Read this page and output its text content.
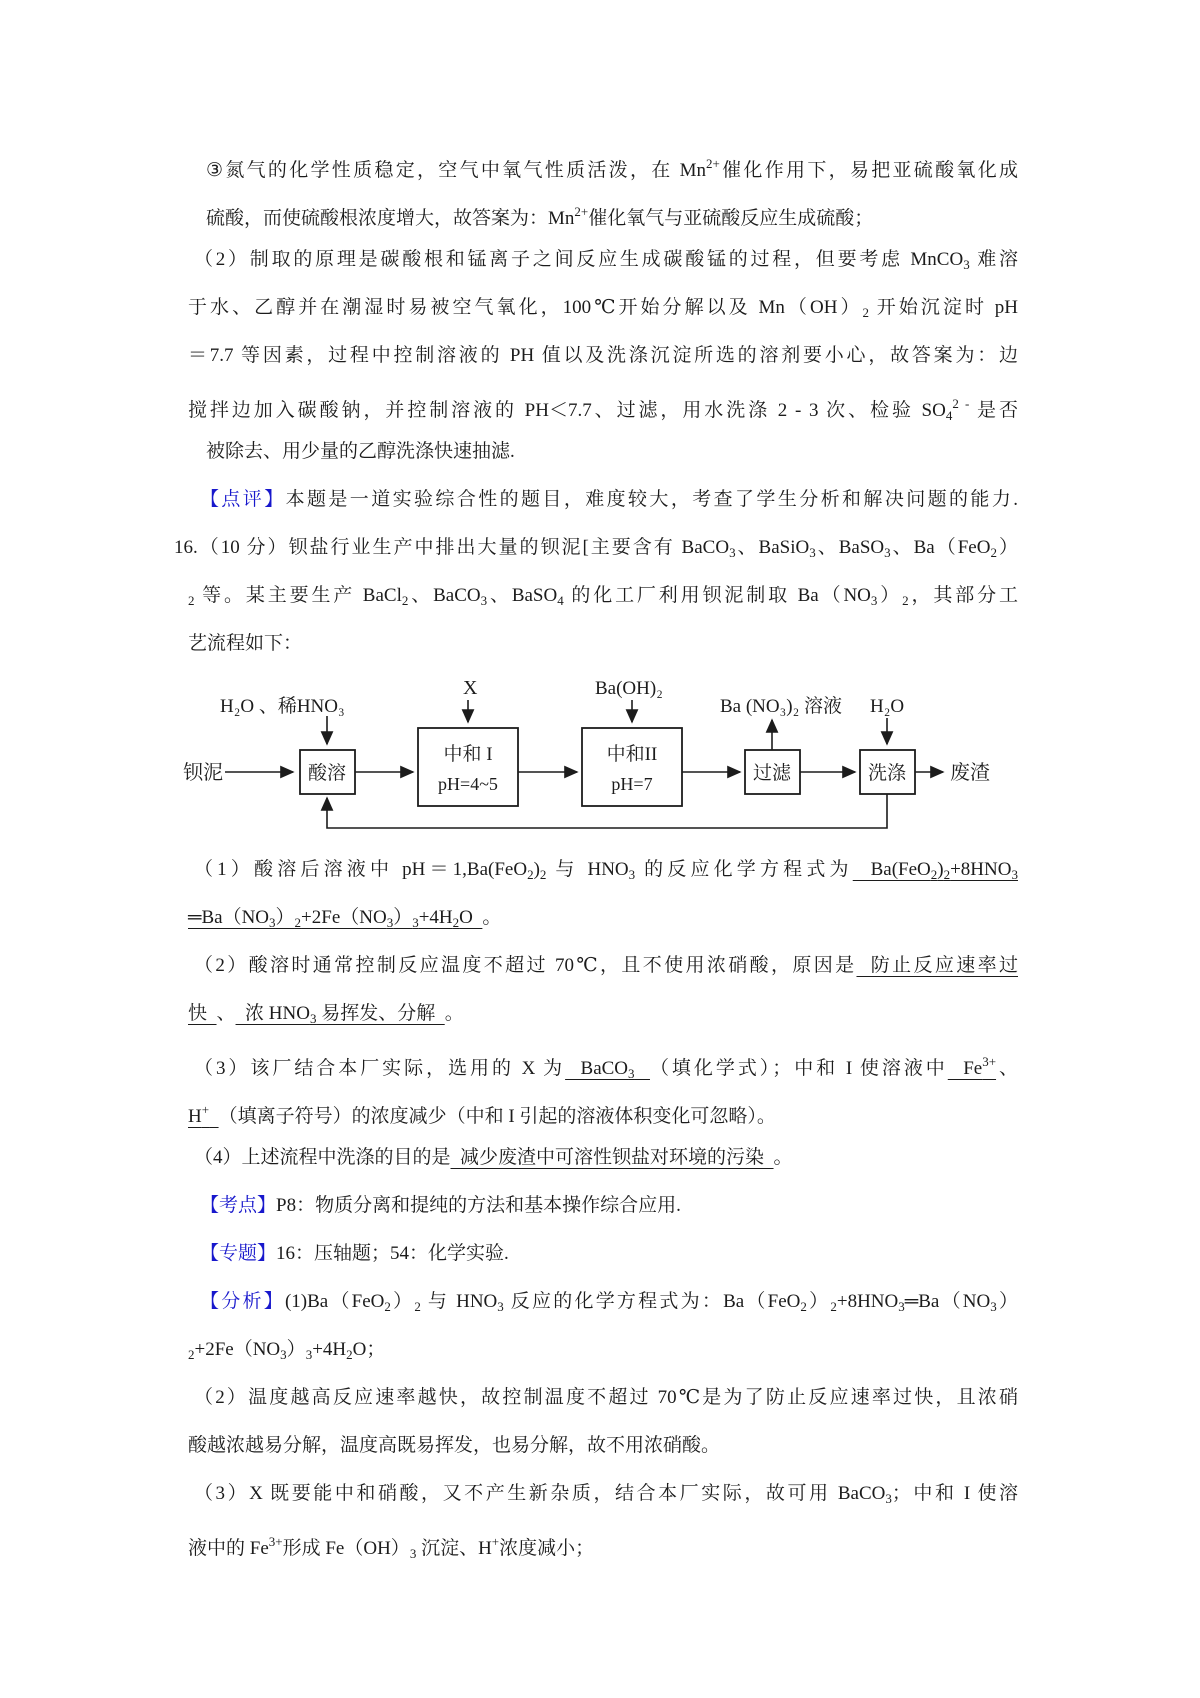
③氮气的化学性质稳定，空气中氧气性质活泼，在 $Mn^{2+}$催化作用下，易把亚硫酸氧化成
硫酸，而使硫酸根浓度增大，故答案为：$Mn^{2+}$催化氧气与亚硫酸反应生成硫酸；
（2）制取的原理是碳酸根和锰离子之间反应生成碳酸锰的过程，但要考虑 MnCO$_3$ 难溶
于水、乙醇并在潮湿时易被空气氧化，100℃开始分解以及 $Mn(OH)_2$ 开始沉淀时 pH
＝7.7 等因素，过程中控制溶液的 PH 值以及洗涤沉淀所选的溶剂要小心，故答案为：边
搅拌边加入碳酸钠，并控制溶液的 PH＜7.7、过滤，用水洗涤 2 - 3 次、检验 $SO_4^{2 -}$ 是否
被除去、用少量的乙醇洗涤快速抽滤.
【点评】本题是一道实验综合性的题目，难度较大，考查了学生分析和解决问题的能力.
16.（10 分）钡盐行业生产中排出大量的钡泥[主要含有 BaCO$_3$、BaSiO$_3$、BaSO$_3$、Ba（FeO$_2$）
$_2$ 等。某主要生产 BaCl$_2$、BaCO$_3$、BaSO$_4$ 的化工厂利用钡泥制取 $Ba(NO_3)_2$，其部分工
艺流程如下：
H₂O 、稀HNO₃
X	Ba(OH)₂
Ba (NO₃)₂ 溶液 H₂O
钡泥	废渣
酸溶
中和 I
pH=4~5
中和II
pH=7	过滤	洗涤
（1）酸溶后溶液中 $pH=1,Ba(FeO_2)_2$ 与 $HNO_3$ 的反应化学方程式为  $Ba(FeO_2)_2+8HNO_3$
$═Ba(NO_3)_2+2Fe(NO_3)_3+4H_2O$  。
（2）酸溶时通常控制反应温度不超过 70℃，且不使用浓硝酸，原因是  防止反应速率过
快  、  浓 $HNO_3$ 易挥发、分解  。
（3）该厂结合本厂实际，选用的 X 为  BaCO$_3$ （填化学式）；中和 I 使溶液中  $Fe^{3+}$、
H+ （填离子符号）的浓度减少（中和 I 引起的溶液体积变化可忽略）。
（4）上述流程中洗涤的目的是  减少废渣中可溶性钡盐对环境的污染  。
【考点】P8：物质分离和提纯的方法和基本操作综合应用.
【专题】16：压轴题；54：化学实验.
【分析】$(1)Ba(FeO_2)_2$ 与 $HNO_3$ 反应的化学方程式为：$Ba(FeO_2)_2+8HNO_3═Ba(NO_3)$
$_2+2Fe(NO_3)_3+4H_2O$；
（2）温度越高反应速率越快，故控制温度不超过 70℃是为了防止反应速率过快，且浓硝
酸越浓越易分解，温度高既易挥发，也易分解，故不用浓硝酸。
（3）X 既要能中和硝酸，又不产生新杂质，结合本厂实际，故可用 BaCO$_3$；中和 I 使溶
液中的 $Fe^{3+}$形成 $Fe(OH)_3$ 沉淀、H+浓度减小；
